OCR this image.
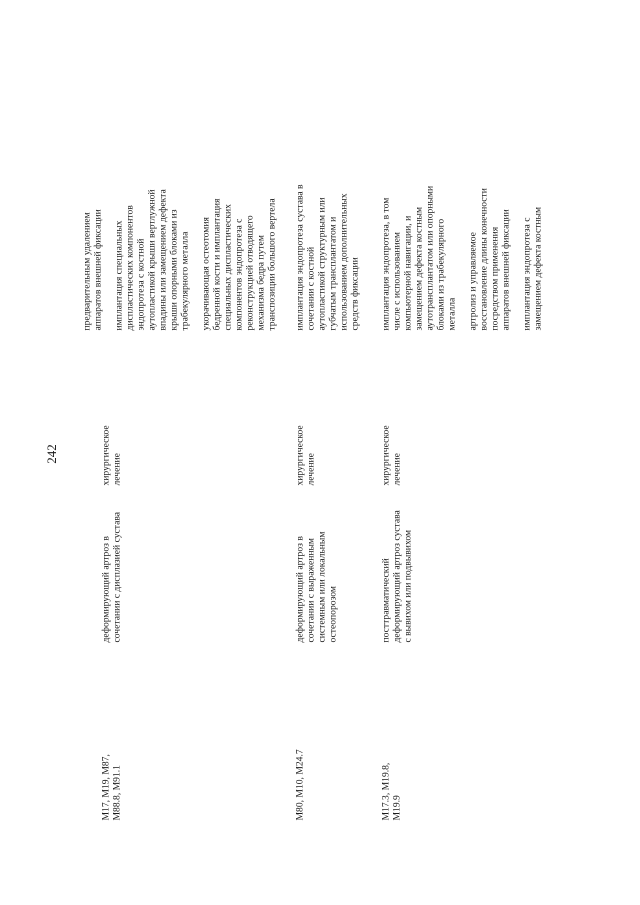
242

M17, M19, M87, M88.8, M91.1

деформирующий артроз в сочетании с дисплазией сустава

хирургическое лечение

предварительным удалением аппаратов внешней фиксации имплантация специальных диспластических компонентов эндопротеза с костной аутопластикой крыши вертлужной впадины или замещением дефекта крыши опорными блоками из трабекулярного металла укорачивающая остеотомия бедренной кости и имплантация специальных диспластических компонентов эндопротеза с реконструкцией отводящего механизма бедра путем транспозиции большого вертела

M80, M10, M24.7

деформирующий артроз в сочетании с выраженным системным или локальным остеопорозом

хирургическое лечение

имплантация эндопротеза сустава в сочетании с костной аутопластикой структурным или губчатым трансплантатом и использованием дополнительных средств фиксации

M17.3, M19.8, M19.9

посттравматический деформирующий артроз сустава с вывихом или подвывихом

хирургическое лечение

имплантация эндопротеза, в том числе с использованием компьютерной навигации, и замещением дефекта костным аутотрансплантатом или опорными блоками из трабекулярного металла артролиз и управляемое восстановление длины конечности посредством применения аппаратов внешней фиксации имплантация эндопротеза с замещением дефекта костным
